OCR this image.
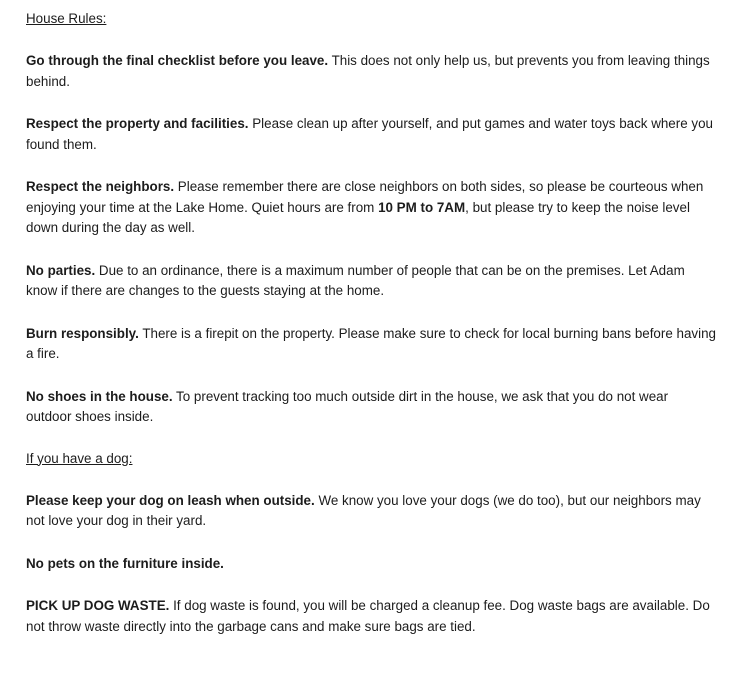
House Rules:

Go through the final checklist before you leave. This does not only help us, but prevents you from leaving things behind.

Respect the property and facilities. Please clean up after yourself, and put games and water toys back where you found them.

Respect the neighbors. Please remember there are close neighbors on both sides, so please be courteous when enjoying your time at the Lake Home. Quiet hours are from 10 PM to 7AM, but please try to keep the noise level down during the day as well.

No parties. Due to an ordinance, there is a maximum number of people that can be on the premises. Let Adam know if there are changes to the guests staying at the home.

Burn responsibly. There is a firepit on the property. Please make sure to check for local burning bans before having a fire.

No shoes in the house. To prevent tracking too much outside dirt in the house, we ask that you do not wear outdoor shoes inside.

If you have a dog:

Please keep your dog on leash when outside. We know you love your dogs (we do too), but our neighbors may not love your dog in their yard.

No pets on the furniture inside.

PICK UP DOG WASTE. If dog waste is found, you will be charged a cleanup fee. Dog waste bags are available. Do not throw waste directly into the garbage cans and make sure bags are tied.
